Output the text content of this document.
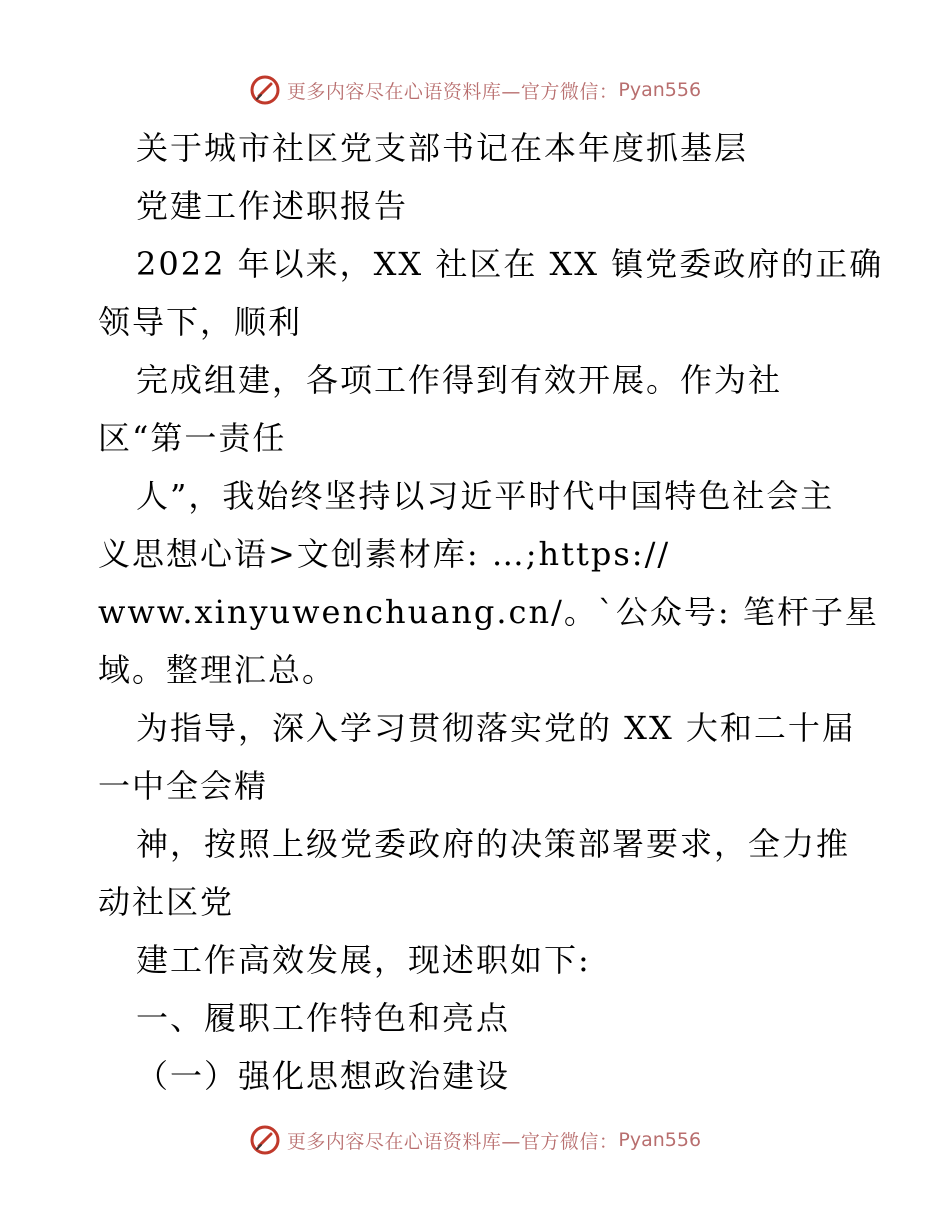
更多内容尽在心语资料库—官方微信： Pyan556
关于城市社区党支部书记在本年度抓基层
党建工作述职报告
2022 年以来，XX 社区在 XX 镇党委政府的正确
领导下，顺利
完成组建，各项工作得到有效开展。作为社
区“第一责任
人”，我始终坚持以习近平时代中国特色社会主
义思想心语>文创素材库: …;https://
www.xinyuwenchuang.cn/。`公众号: 笔杆子星
域。整理汇总。
为指导，深入学习贯彻落实党的 XX 大和二十届
一中全会精
神，按照上级党委政府的决策部署要求，全力推
动社区党
建工作高效发展，现述职如下:
一、履职工作特色和亮点
（一）强化思想政治建设
更多内容尽在心语资料库—官方微信： Pyan556
